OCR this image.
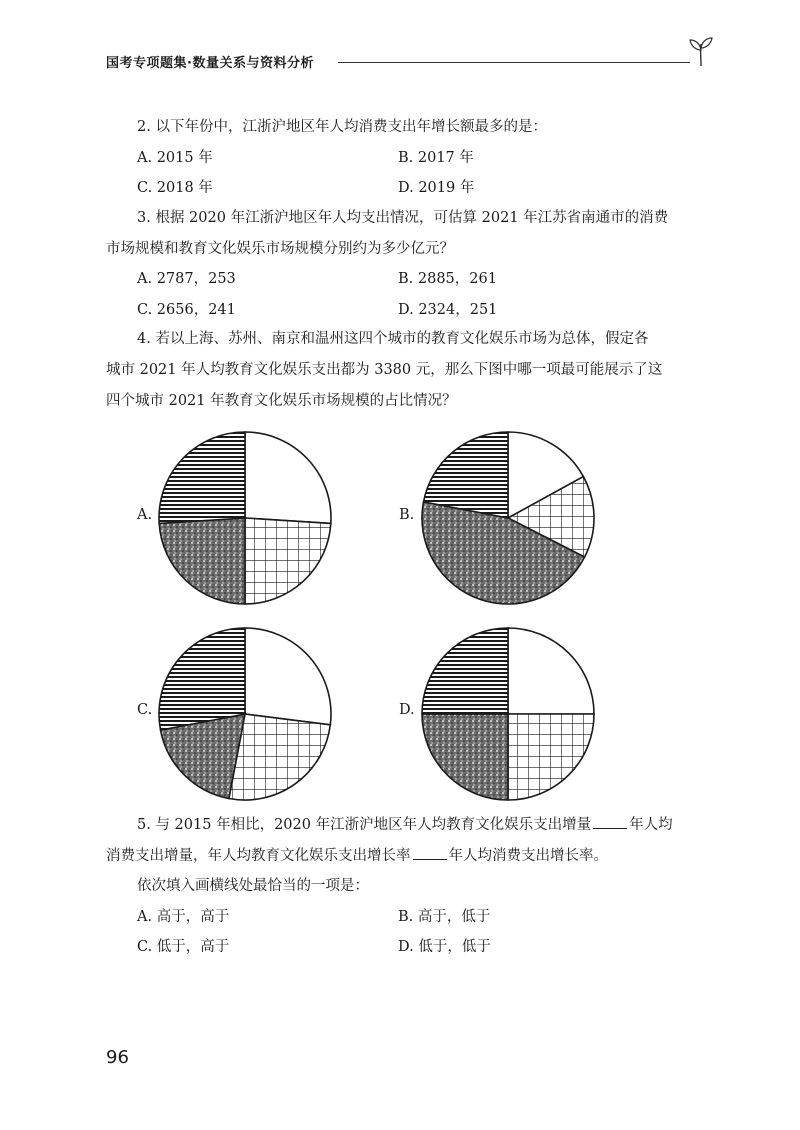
国考专项题集·数量关系与资料分析
2. 以下年份中，江浙沪地区年人均消费支出年增长额最多的是：
A. 2015 年	B. 2017 年
C. 2018 年	D. 2019 年
3. 根据 2020 年江浙沪地区年人均支出情况，可估算 2021 年江苏省南通市的消费
市场规模和教育文化娱乐市场规模分别约为多少亿元？
A. 2787，253	B. 2885，261
C. 2656，241	D. 2324，251
4. 若以上海、苏州、南京和温州这四个城市的教育文化娱乐市场为总体，假定各
城市 2021 年人均教育文化娱乐支出都为 3380 元，那么下图中哪一项最可能展示了这
四个城市 2021 年教育文化娱乐市场规模的占比情况？
A.	B.
C.	D.
5. 与 2015 年相比，2020 年江浙沪地区年人均教育文化娱乐支出增量	年人均
消费支出增量，年人均教育文化娱乐支出增长率	年人均消费支出增长率。
依次填入画横线处最恰当的一项是：
A. 高于，高于	B. 高于，低于
C. 低于，高于	D. 低于，低于
96
